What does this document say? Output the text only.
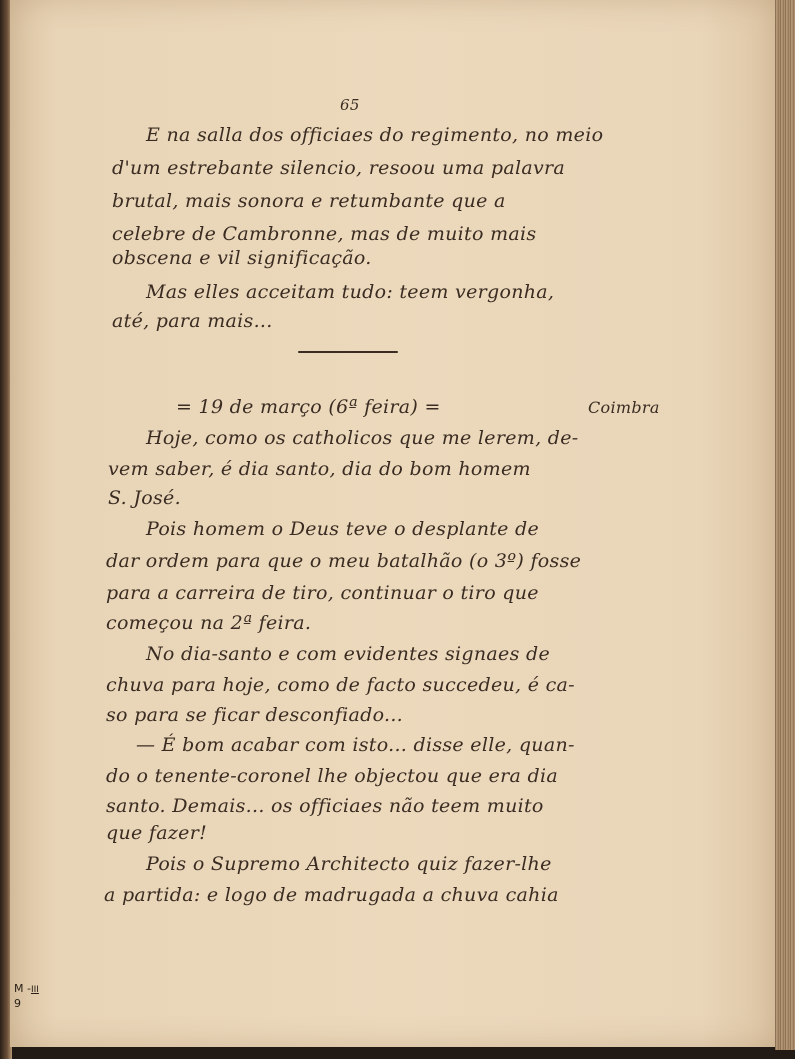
65
E na salla dos officiaes do regimento, no meio
d'um estrebante silencio, resoou uma palavra
brutal, mais sonora e retumbante que a
celebre de Cambronne, mas de muito mais
obscena e vil significação.
Mas elles acceitam tudo: teem vergonha,
até, para mais...
= 19 de março (6ª feira) =	Coimbra
Hoje, como os catholicos que me lerem, de-
vem saber, é dia santo, dia do bom homem
S. José.
Pois homem o Deus teve o desplante de
dar ordem para que o meu batalhão (o 3º) fosse
para a carreira de tiro, continuar o tiro que
começou na 2ª feira.
No dia-santo e com evidentes signaes de
chuva para hoje, como de facto succedeu, é ca-
so para se ficar desconfiado...
— É bom acabar com isto... disse elle, quan-
do o tenente-coronel lhe objectou que era dia
santo. Demais... os officiaes não teem muito
que fazer!
Pois o Supremo Architecto quiz fazer-lhe
a partida: e logo de madrugada a chuva cahia
M -III
9
